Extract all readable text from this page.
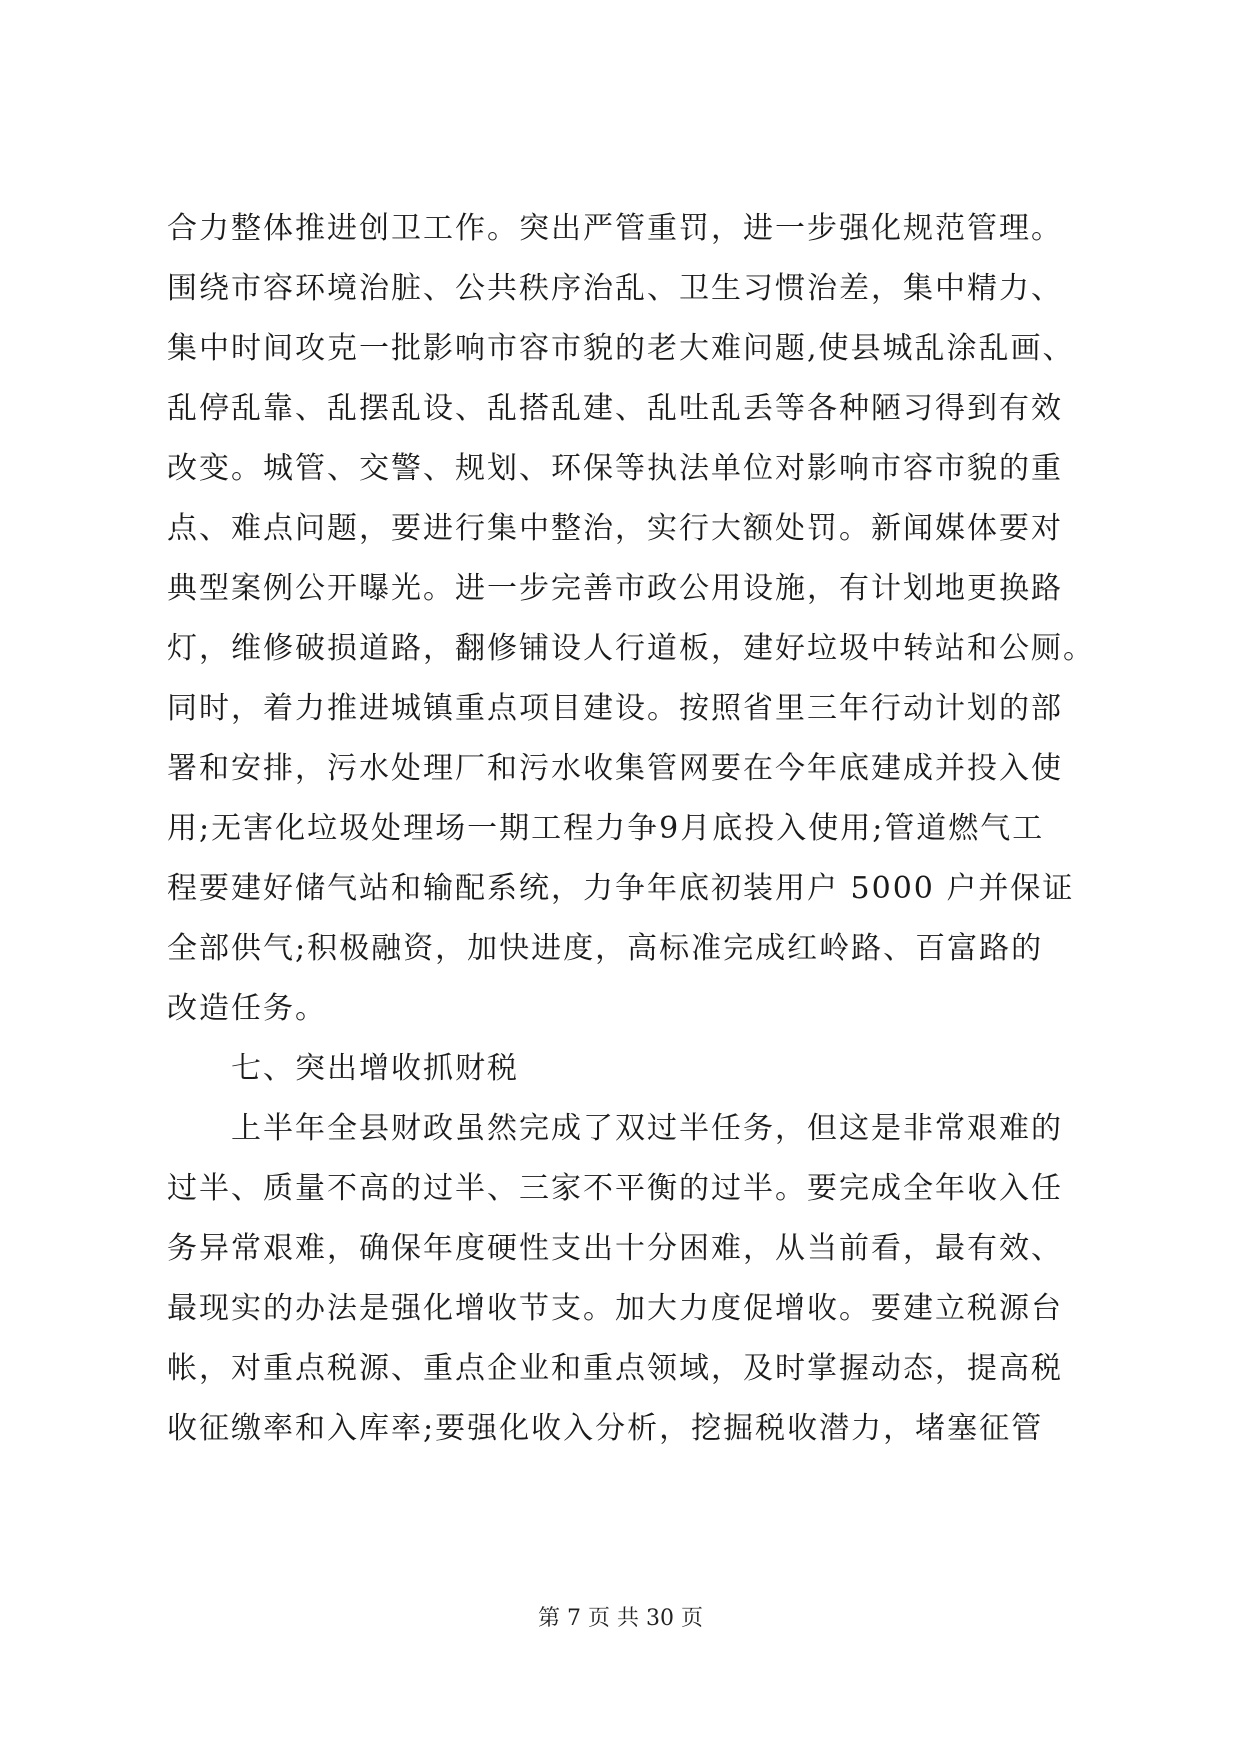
合力整体推进创卫工作。突出严管重罚，进一步强化规范管理。
围绕市容环境治脏、公共秩序治乱、卫生习惯治差，集中精力、
集中时间攻克一批影响市容市貌的老大难问题,使县城乱涂乱画、
乱停乱靠、乱摆乱设、乱搭乱建、乱吐乱丢等各种陋习得到有效
改变。城管、交警、规划、环保等执法单位对影响市容市貌的重
点、难点问题，要进行集中整治，实行大额处罚。新闻媒体要对
典型案例公开曝光。进一步完善市政公用设施，有计划地更换路
灯，维修破损道路，翻修铺设人行道板，建好垃圾中转站和公厕。
同时，着力推进城镇重点项目建设。按照省里三年行动计划的部
署和安排，污水处理厂和污水收集管网要在今年底建成并投入使
用;无害化垃圾处理场一期工程力争9月底投入使用;管道燃气工
程要建好储气站和输配系统，力争年底初装用户 5000 户并保证
全部供气;积极融资，加快进度，高标准完成红岭路、百富路的
改造任务。
七、突出增收抓财税
上半年全县财政虽然完成了双过半任务，但这是非常艰难的
过半、质量不高的过半、三家不平衡的过半。要完成全年收入任
务异常艰难，确保年度硬性支出十分困难，从当前看，最有效、
最现实的办法是强化增收节支。加大力度促增收。要建立税源台
帐，对重点税源、重点企业和重点领域，及时掌握动态，提高税
收征缴率和入库率;要强化收入分析，挖掘税收潜力，堵塞征管
第 7 页 共 30 页
